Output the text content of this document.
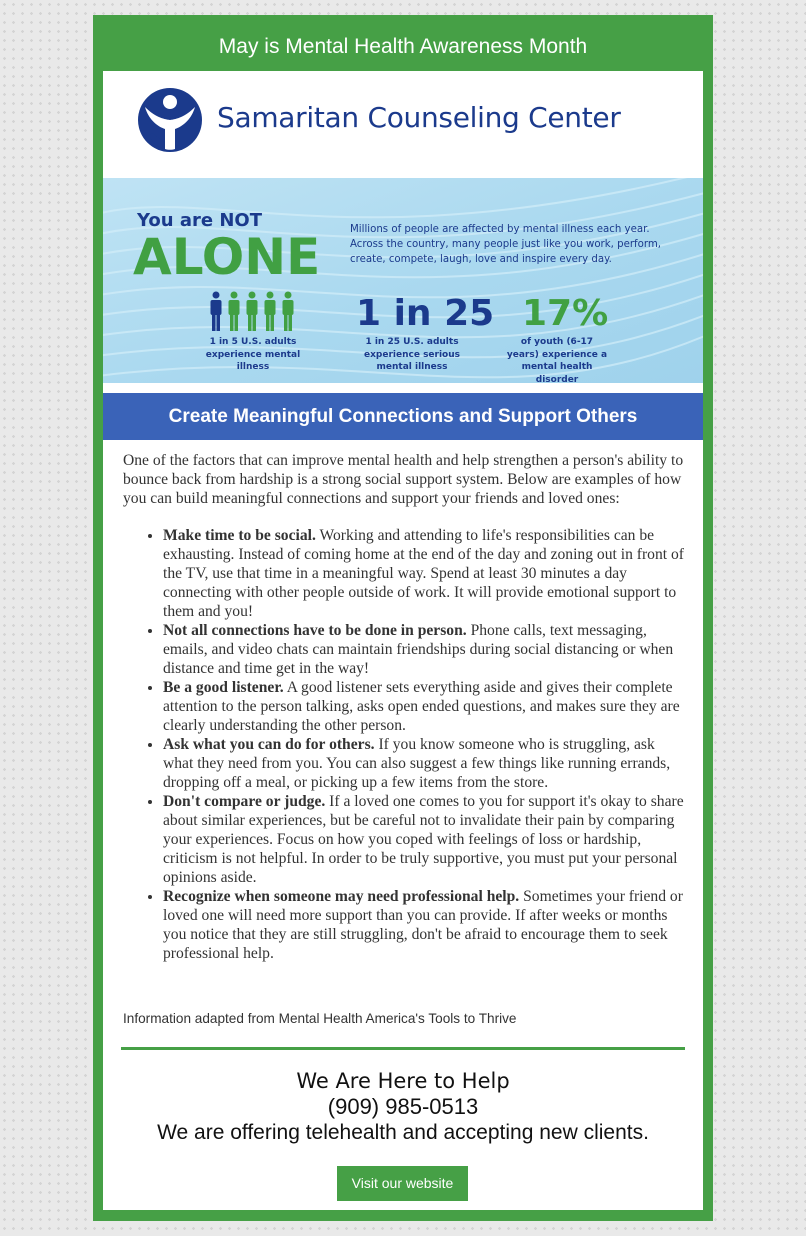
May is Mental Health Awareness Month
Samaritan Counseling Center
You are NOT
ALONE	Millions of people are affected by mental illness each year. Across the country, many people just like you work, perform, create, compete, laugh, love and inspire every day.
1 in 5 U.S. adults experience mental illness
1 in 25
1 in 25 U.S. adults experience serious mental illness
17%
of youth (6-17 years) experience a mental health disorder
Create Meaningful Connections and Support Others

One of the factors that can improve mental health and help strengthen a person's ability to bounce back from hardship is a strong social support system. Below are examples of how you can build meaningful connections and support your friends and loved ones:

• Make time to be social. Working and attending to life's responsibilities can be exhausting. Instead of coming home at the end of the day and zoning out in front of the TV, use that time in a meaningful way. Spend at least 30 minutes a day connecting with other people outside of work. It will provide emotional support to them and you!
• Not all connections have to be done in person. Phone calls, text messaging, emails, and video chats can maintain friendships during social distancing or when distance and time get in the way!
• Be a good listener. A good listener sets everything aside and gives their complete attention to the person talking, asks open ended questions, and makes sure they are clearly understanding the other person.
• Ask what you can do for others. If you know someone who is struggling, ask what they need from you. You can also suggest a few things like running errands, dropping off a meal, or picking up a few items from the store.
• Don't compare or judge. If a loved one comes to you for support it's okay to share about similar experiences, but be careful not to invalidate their pain by comparing your experiences. Focus on how you coped with feelings of loss or hardship, criticism is not helpful. In order to be truly supportive, you must put your personal opinions aside.
• Recognize when someone may need professional help. Sometimes your friend or loved one will need more support than you can provide. If after weeks or months you notice that they are still struggling, don't be afraid to encourage them to seek professional help.
Information adapted from Mental Health America's Tools to Thrive
We Are Here to Help
(909) 985-0513
We are offering telehealth and accepting new clients.
Visit our website
